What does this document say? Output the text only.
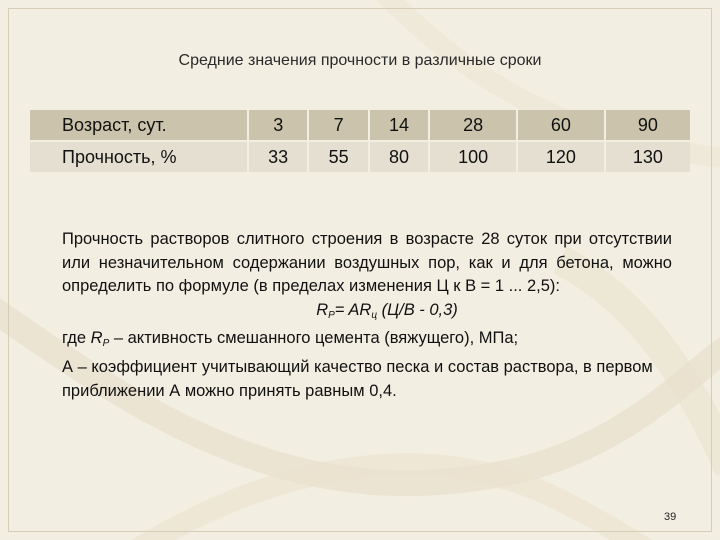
Средние значения прочности в различные сроки
Возраст, сут.	3	7	14	28	60	90
Прочность, %	33	55	80	100	120	130

Прочность растворов слитного строения в возрасте 28 суток при отсутствии или незначительном содержании воздушных пор, как и для бетона, можно определить по формуле (в пределах изменения Ц к В = 1 ... 2,5):

$R_P= AR_ц$ (Ц/В - 0,3)

где $R_P$ – активность смешанного цемента (вяжущего), МПа;

А – коэффициент учитывающий качество песка и состав раствора, в первом приближении А можно принять равным 0,4.

39
